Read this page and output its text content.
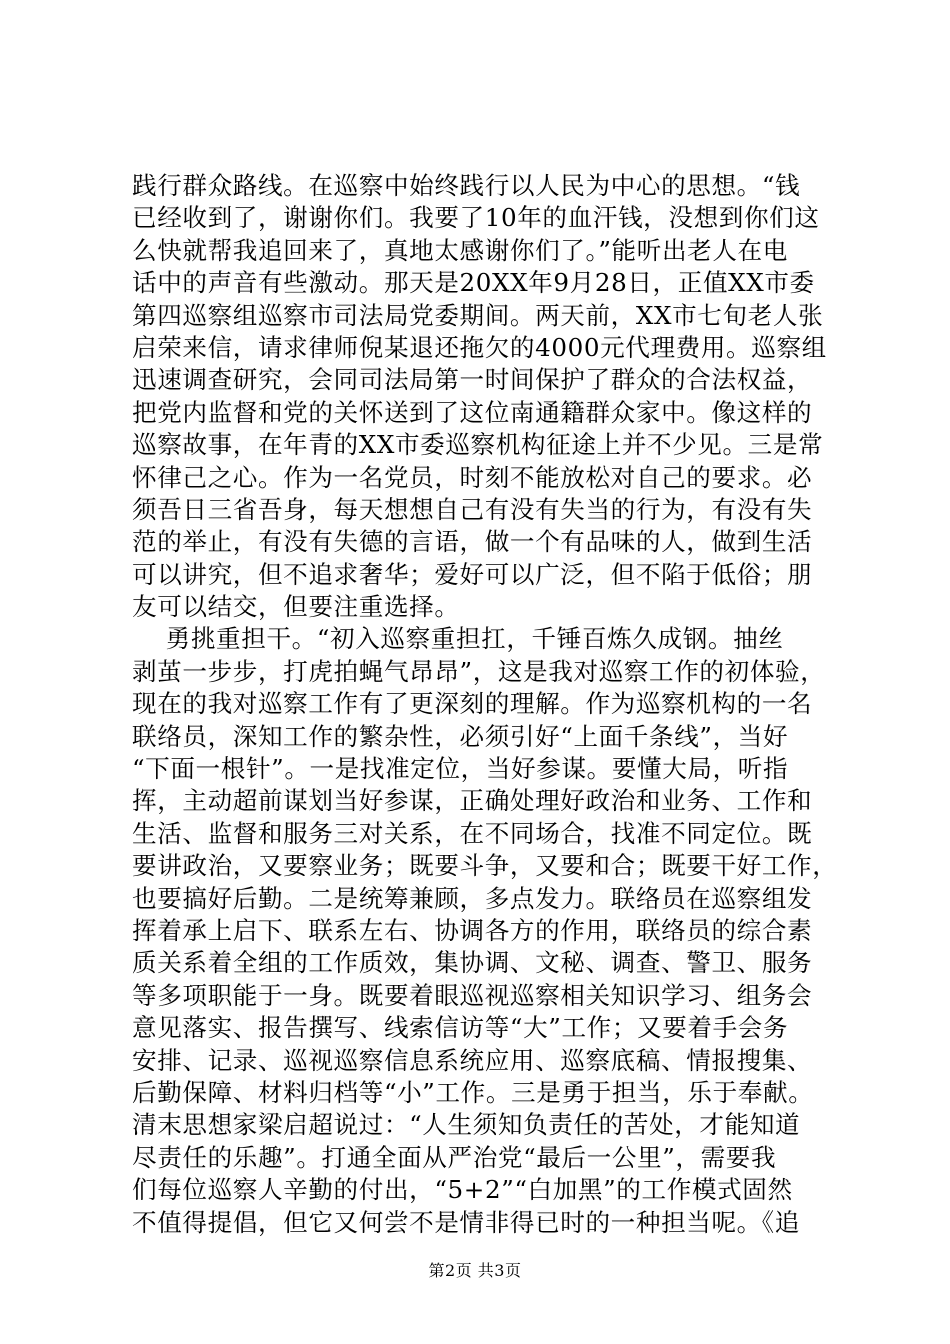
践行群众路线。在巡察中始终践行以人民为中心的思想。“钱
已经收到了，谢谢你们。我要了10年的血汗钱，没想到你们这
么快就帮我追回来了，真地太感谢你们了。”能听出老人在电
话中的声音有些激动。那天是20XX年9月28日，正值XX市委
第四巡察组巡察市司法局党委期间。两天前，XX市七旬老人张
启荣来信，请求律师倪某退还拖欠的4000元代理费用。巡察组
迅速调查研究，会同司法局第一时间保护了群众的合法权益，
把党内监督和党的关怀送到了这位南通籍群众家中。像这样的
巡察故事，在年青的XX市委巡察机构征途上并不少见。三是常
怀律己之心。作为一名党员，时刻不能放松对自己的要求。必
须吾日三省吾身，每天想想自己有没有失当的行为，有没有失
范的举止，有没有失德的言语，做一个有品味的人，做到生活
可以讲究，但不追求奢华；爱好可以广泛，但不陷于低俗；朋
友可以结交，但要注重选择。
勇挑重担干。“初入巡察重担扛，千锤百炼久成钢。抽丝
剥茧一步步，打虎拍蝇气昂昂”，这是我对巡察工作的初体验，
现在的我对巡察工作有了更深刻的理解。作为巡察机构的一名
联络员，深知工作的繁杂性，必须引好“上面千条线”，当好
“下面一根针”。一是找准定位，当好参谋。要懂大局，听指
挥，主动超前谋划当好参谋，正确处理好政治和业务、工作和
生活、监督和服务三对关系，在不同场合，找准不同定位。既
要讲政治，又要察业务；既要斗争，又要和合；既要干好工作，
也要搞好后勤。二是统筹兼顾，多点发力。联络员在巡察组发
挥着承上启下、联系左右、协调各方的作用，联络员的综合素
质关系着全组的工作质效，集协调、文秘、调查、警卫、服务
等多项职能于一身。既要着眼巡视巡察相关知识学习、组务会
意见落实、报告撰写、线索信访等“大”工作；又要着手会务
安排、记录、巡视巡察信息系统应用、巡察底稿、情报搜集、
后勤保障、材料归档等“小”工作。三是勇于担当，乐于奉献。
清末思想家梁启超说过：“人生须知负责任的苦处，才能知道
尽责任的乐趣”。打通全面从严治党“最后一公里”，需要我
们每位巡察人辛勤的付出，“5+2”“白加黑”的工作模式固然
不值得提倡，但它又何尝不是情非得已时的一种担当呢。《追
第2页 共3页
